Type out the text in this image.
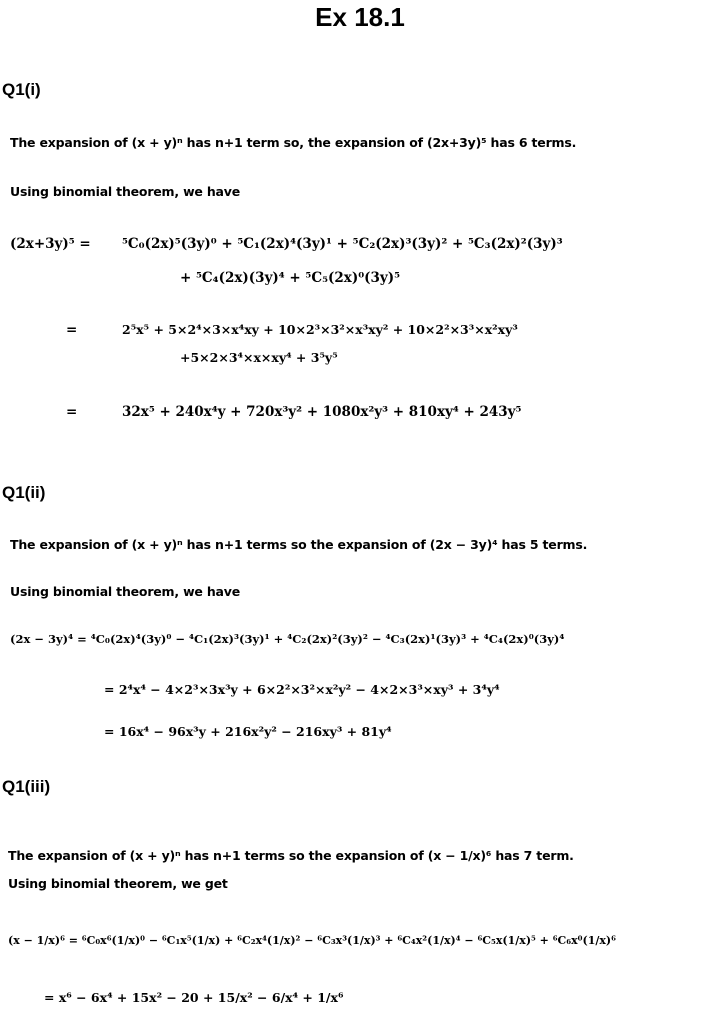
Ex 18.1
Q1(i)
The expansion of (x + y)ⁿ has n+1 term so, the expansion of (2x+3y)⁵ has 6 terms.
Using binomial theorem, we have
(2x+3y)⁵ = ⁵C₀(2x)⁵(3y)⁰ + ⁵C₁(2x)⁴(3y)¹ + ⁵C₂(2x)³(3y)² + ⁵C₃(2x)²(3y)³
+ ⁵C₄(2x)(3y)⁴ + ⁵C₅(2x)⁰(3y)⁵
=	2⁵x⁵ + 5×2⁴×3×x⁴xy + 10×2³×3²×x³xy² + 10×2²×3³×x²xy³
+5×2×3⁴×x×xy⁴ + 3⁵y⁵
=	32x⁵ + 240x⁴y + 720x³y² + 1080x²y³ + 810xy⁴ + 243y⁵
Q1(ii)
The expansion of (x + y)ⁿ has n+1 terms so the expansion of (2x − 3y)⁴ has 5 terms.
Using binomial theorem, we have
(2x − 3y)⁴ = ⁴C₀(2x)⁴(3y)⁰ − ⁴C₁(2x)³(3y)¹ + ⁴C₂(2x)²(3y)² − ⁴C₃(2x)¹(3y)³ + ⁴C₄(2x)⁰(3y)⁴
= 2⁴x⁴ − 4×2³×3x³y + 6×2²×3²×x²y² − 4×2×3³×xy³ + 3⁴y⁴
= 16x⁴ − 96x³y + 216x²y² − 216xy³ + 81y⁴
Q1(iii)
The expansion of (x + y)ⁿ has n+1 terms so the expansion of (x − 1/x)⁶ has 7 term.
Using binomial theorem, we get
(x − 1/x)⁶ = ⁶C₀x⁶(1/x)⁰ − ⁶C₁x⁵(1/x) + ⁶C₂x⁴(1/x)² − ⁶C₃x³(1/x)³ + ⁶C₄x²(1/x)⁴ − ⁶C₅x(1/x)⁵ + ⁶C₆x⁰(1/x)⁶
= x⁶ − 6x⁴ + 15x² − 20 + 15/x² − 6/x⁴ + 1/x⁶
